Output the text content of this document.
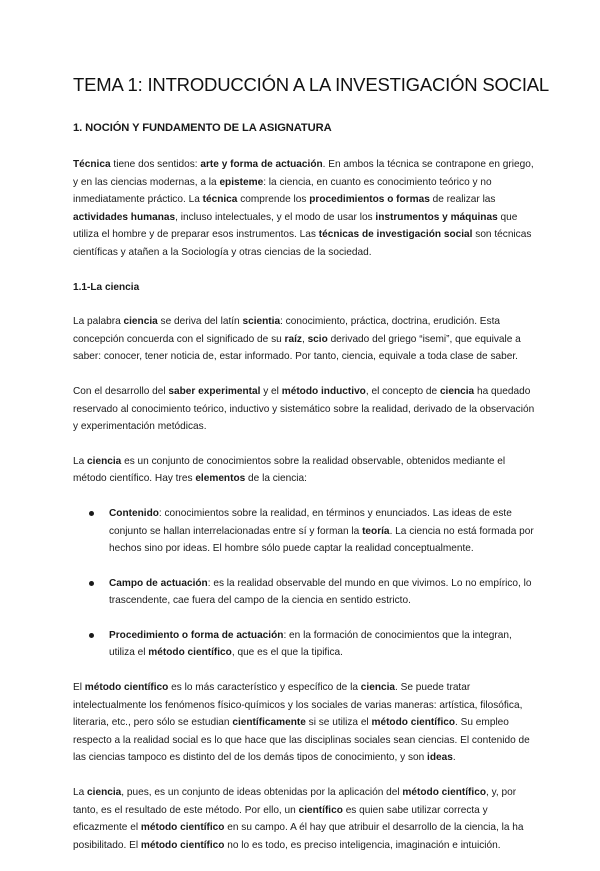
TEMA 1: INTRODUCCIÓN A LA INVESTIGACIÓN SOCIAL
1. NOCIÓN Y FUNDAMENTO DE LA ASIGNATURA

Técnica tiene dos sentidos: arte y forma de actuación. En ambos la técnica se contrapone en griego, y en las ciencias modernas, a la episteme: la ciencia, en cuanto es conocimiento teórico y no inmediatamente práctico. La técnica comprende los procedimientos o formas de realizar las actividades humanas, incluso intelectuales, y el modo de usar los instrumentos y máquinas que utiliza el hombre y de preparar esos instrumentos. Las técnicas de investigación social son técnicas científicas y atañen a la Sociología y otras ciencias de la sociedad.

1.1-La ciencia

La palabra ciencia se deriva del latín scientia: conocimiento, práctica, doctrina, erudición. Esta concepción concuerda con el significado de su raíz, scio derivado del griego “isemi”, que equivale a saber: conocer, tener noticia de, estar informado. Por tanto, ciencia, equivale a toda clase de saber.

Con el desarrollo del saber experimental y el método inductivo, el concepto de ciencia ha quedado reservado al conocimiento teórico, inductivo y sistemático sobre la realidad, derivado de la observación y experimentación metódicas.

La ciencia es un conjunto de conocimientos sobre la realidad observable, obtenidos mediante el método científico. Hay tres elementos de la ciencia:

Contenido: conocimientos sobre la realidad, en términos y enunciados. Las ideas de este conjunto se hallan interrelacionadas entre sí y forman la teoría. La ciencia no está formada por hechos sino por ideas. El hombre sólo puede captar la realidad conceptualmente.
Campo de actuación: es la realidad observable del mundo en que vivimos. Lo no empírico, lo trascendente, cae fuera del campo de la ciencia en sentido estricto.
Procedimiento o forma de actuación: en la formación de conocimientos que la integran, utiliza el método científico, que es el que la tipifica.

El método científico es lo más característico y específico de la ciencia. Se puede tratar intelectualmente los fenómenos físico-químicos y los sociales de varias maneras: artística, filosófica, literaria, etc., pero sólo se estudian científicamente si se utiliza el método científico. Su empleo respecto a la realidad social es lo que hace que las disciplinas sociales sean ciencias. El contenido de las ciencias tampoco es distinto del de los demás tipos de conocimiento, y son ideas.

La ciencia, pues, es un conjunto de ideas obtenidas por la aplicación del método científico, y, por tanto, es el resultado de este método. Por ello, un científico es quien sabe utilizar correcta y eficazmente el método científico en su campo. A él hay que atribuir el desarrollo de la ciencia, la ha posibilitado. El método científico no lo es todo, es preciso inteligencia, imaginación e intuición.
